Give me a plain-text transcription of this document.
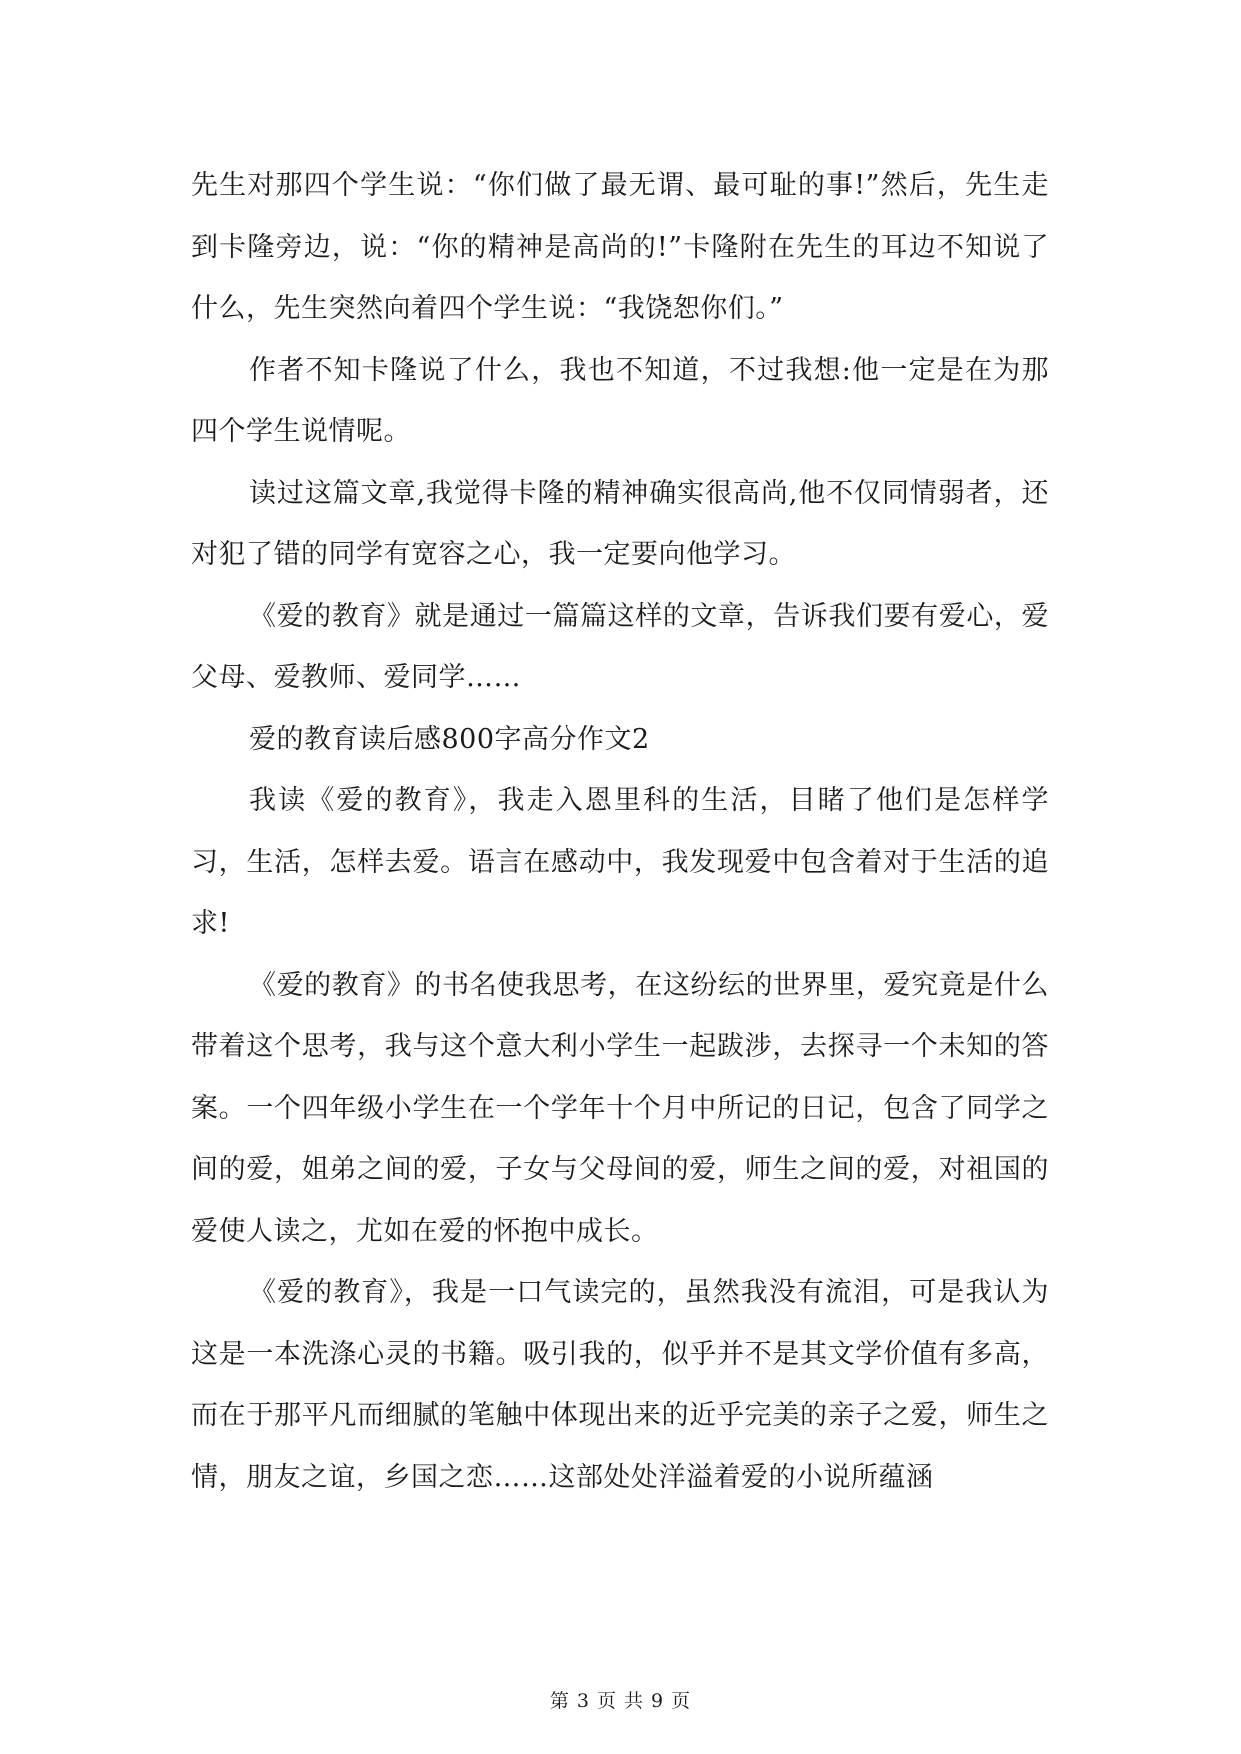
先生对那四个学生说：“你们做了最无谓、最可耻的事!”然后，先生走到卡隆旁边，说：“你的精神是高尚的!”卡隆附在先生的耳边不知说了什么，先生突然向着四个学生说：“我饶恕你们。”

作者不知卡隆说了什么，我也不知道，不过我想:他一定是在为那四个学生说情呢。

读过这篇文章,我觉得卡隆的精神确实很高尚,他不仅同情弱者，还对犯了错的同学有宽容之心，我一定要向他学习。

《爱的教育》就是通过一篇篇这样的文章，告诉我们要有爱心，爱父母、爱教师、爱同学……

爱的教育读后感800字高分作文2

我读《爱的教育》，我走入恩里科的生活，目睹了他们是怎样学习，生活，怎样去爱。语言在感动中，我发现爱中包含着对于生活的追求!

《爱的教育》的书名使我思考，在这纷纭的世界里，爱究竟是什么带着这个思考，我与这个意大利小学生一起跋涉，去探寻一个未知的答案。一个四年级小学生在一个学年十个月中所记的日记，包含了同学之间的爱，姐弟之间的爱，子女与父母间的爱，师生之间的爱，对祖国的爱使人读之，尤如在爱的怀抱中成长。

《爱的教育》，我是一口气读完的，虽然我没有流泪，可是我认为这是一本洗涤心灵的书籍。吸引我的，似乎并不是其文学价值有多高，而在于那平凡而细腻的笔触中体现出来的近乎完美的亲子之爱，师生之情，朋友之谊，乡国之恋……这部处处洋溢着爱的小说所蕴涵

第 3 页 共 9 页
